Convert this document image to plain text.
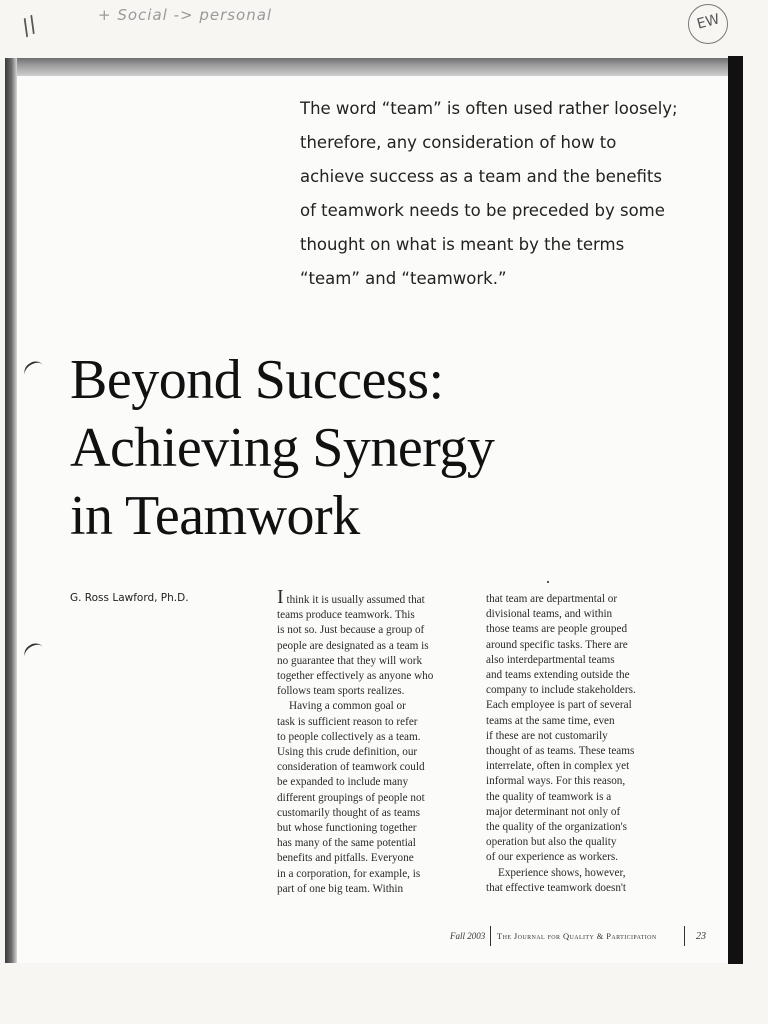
//	+ Social -> personal	EW

The word “team” is often used rather loosely; therefore, any consideration of how to achieve success as a team and the benefits of teamwork needs to be preceded by some thought on what is meant by the terms “team” and “teamwork.”

Beyond Success:
Achieving Synergy
in Teamwork
G. Ross Lawford, Ph.D.	I think it is usually assumed that
teams produce teamwork. This
is not so. Just because a group of
people are designated as a team is
no guarantee that they will work
together effectively as anyone who
follows team sports realizes.
Having a common goal or
task is sufficient reason to refer
to people collectively as a team.
Using this crude definition, our
consideration of teamwork could
be expanded to include many
different groupings of people not
customarily thought of as teams
but whose functioning together
has many of the same potential
benefits and pitfalls. Everyone
in a corporation, for example, is
part of one big team. Within
that team are departmental or
divisional teams, and within
those teams are people grouped
around specific tasks. There are
also interdepartmental teams
and teams extending outside the
company to include stakeholders.
Each employee is part of several
teams at the same time, even
if these are not customarily
thought of as teams. These teams
interrelate, often in complex yet
informal ways. For this reason,
the quality of teamwork is a
major determinant not only of
the quality of the organization's
operation but also the quality
of our experience as workers.
Experience shows, however,
that effective teamwork doesn't
Fall 2003 The Journal for Quality & Participation	23
